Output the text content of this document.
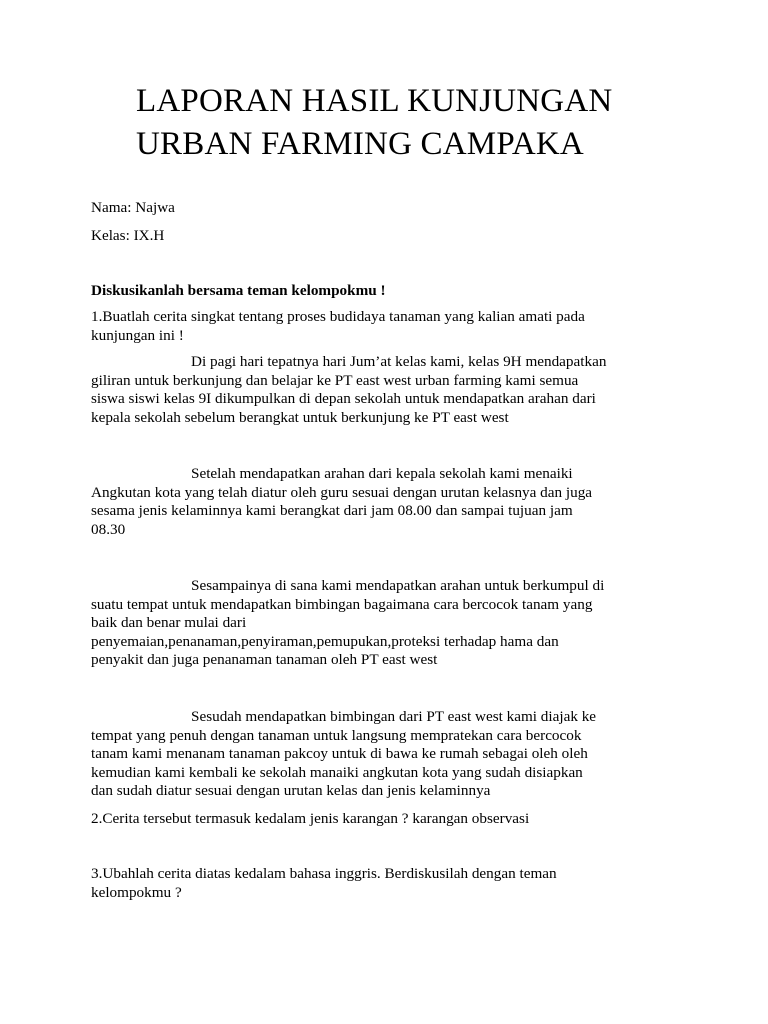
LAPORAN HASIL KUNJUNGAN
URBAN FARMING CAMPAKA

Nama: Najwa

Kelas: IX.H

Diskusikanlah bersama teman kelompokmu !

1.Buatlah cerita singkat tentang proses budidaya tanaman yang kalian amati pada
kunjungan ini !
Di pagi hari tepatnya hari Jum’at kelas kami, kelas 9H mendapatkan
giliran untuk berkunjung dan belajar ke PT east west urban farming kami semua
siswa siswi kelas 9I dikumpulkan di depan sekolah untuk mendapatkan arahan dari
kepala sekolah sebelum berangkat untuk berkunjung ke PT east west
Setelah mendapatkan arahan dari kepala sekolah kami menaiki
Angkutan kota yang telah diatur oleh guru sesuai dengan urutan kelasnya dan juga
sesama jenis kelaminnya kami berangkat dari jam 08.00 dan sampai tujuan jam
08.30
Sesampainya di sana kami mendapatkan arahan untuk berkumpul di
suatu tempat untuk mendapatkan bimbingan bagaimana cara bercocok tanam yang
baik dan benar mulai dari
penyemaian,penanaman,penyiraman,pemupukan,proteksi terhadap hama dan
penyakit dan juga penanaman tanaman oleh PT east west
Sesudah mendapatkan bimbingan dari PT east west kami diajak ke
tempat yang penuh dengan tanaman untuk langsung mempratekan cara bercocok
tanam kami menanam tanaman pakcoy untuk di bawa ke rumah sebagai oleh oleh
kemudian kami kembali ke sekolah manaiki angkutan kota yang sudah disiapkan
dan sudah diatur sesuai dengan urutan kelas dan jenis kelaminnya

2.Cerita tersebut termasuk kedalam jenis karangan ? karangan observasi

3.Ubahlah cerita diatas kedalam bahasa inggris. Berdiskusilah dengan teman
kelompokmu ?
